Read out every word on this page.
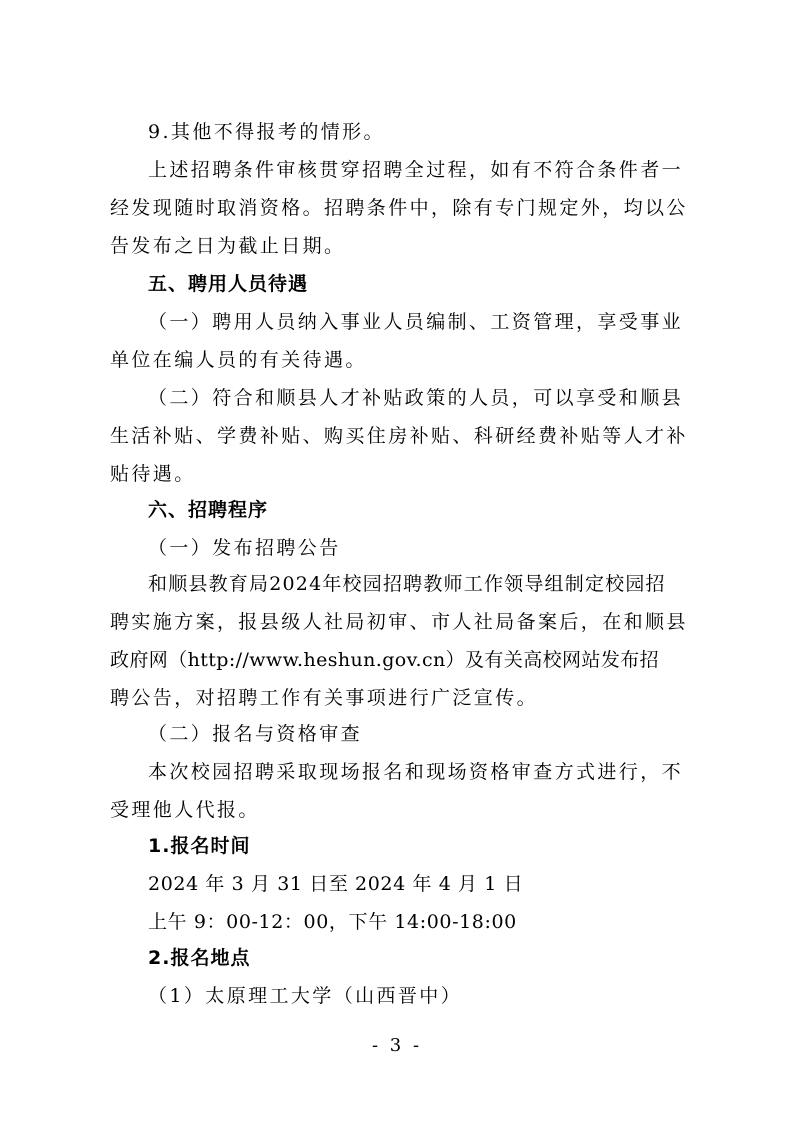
9.其他不得报考的情形。
上述招聘条件审核贯穿招聘全过程，如有不符合条件者一
经发现随时取消资格。招聘条件中，除有专门规定外，均以公
告发布之日为截止日期。
五、聘用人员待遇
（一）聘用人员纳入事业人员编制、工资管理，享受事业
单位在编人员的有关待遇。
（二）符合和顺县人才补贴政策的人员，可以享受和顺县
生活补贴、学费补贴、购买住房补贴、科研经费补贴等人才补
贴待遇。
六、招聘程序
（一）发布招聘公告
和顺县教育局2024年校园招聘教师工作领导组制定校园招
聘实施方案，报县级人社局初审、市人社局备案后，在和顺县
政府网（http://www.heshun.gov.cn）及有关高校网站发布招
聘公告，对招聘工作有关事项进行广泛宣传。
（二）报名与资格审查
本次校园招聘采取现场报名和现场资格审查方式进行，不
受理他人代报。
1.报名时间
2024 年 3 月 31 日至 2024 年 4 月 1 日
上午 9：00-12：00，下午 14:00-18:00
2.报名地点
（1）太原理工大学（山西晋中）
- 3 -
